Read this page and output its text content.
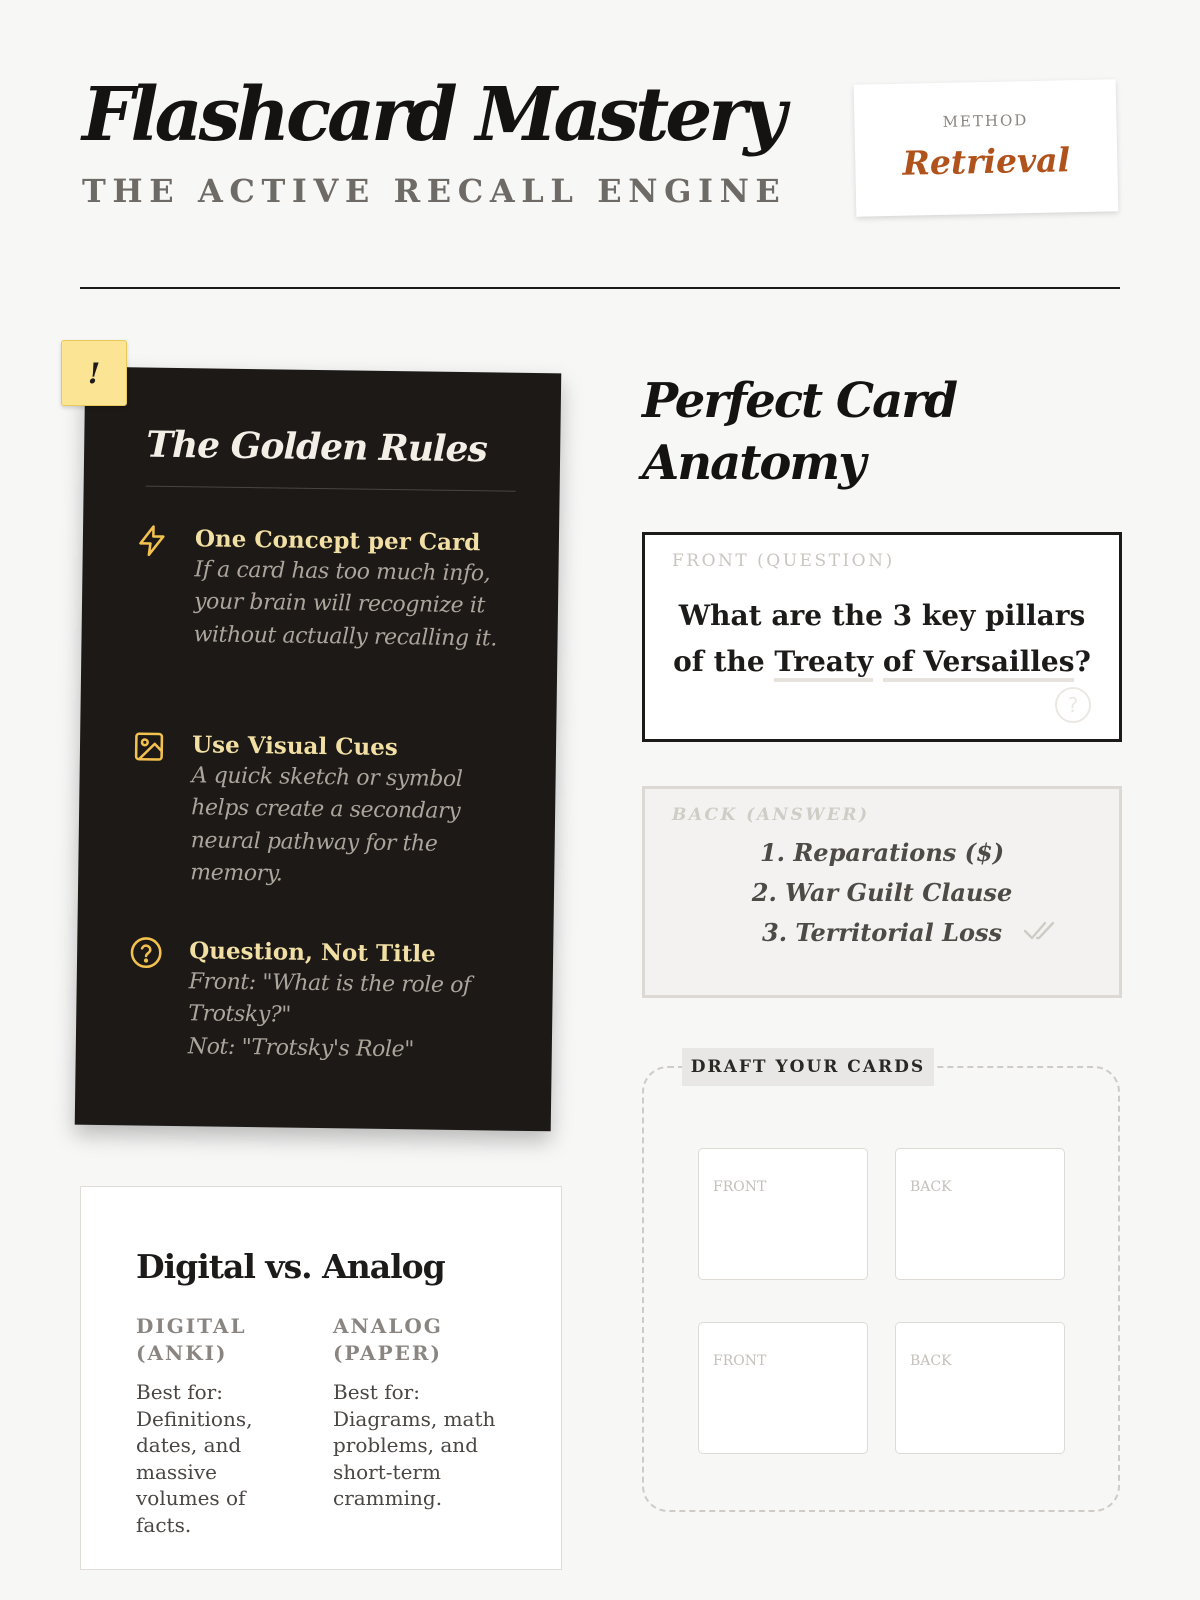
Flashcard Mastery
THE ACTIVE RECALL ENGINE
METHOD
Retrieval
The Golden Rules
One Concept per Card
If a card has too much info, your brain will recognize it without actually recalling it.
Use Visual Cues
A quick sketch or symbol helps create a secondary neural pathway for the memory.
Question, Not Title
Front: "What is the role of Trotsky?"
Not: "Trotsky's Role"
!
Digital vs. Analog
DIGITAL
(ANKI)
Best for: Definitions, dates, and massive volumes of facts.
ANALOG
(PAPER)
Best for: Diagrams, math problems, and short-term cramming.
Perfect Card
Anatomy
FRONT (QUESTION)
What are the 3 key pillars of the Treaty of Versailles?
?
BACK (ANSWER)
1. Reparations ($)
2. War Guilt Clause
3. Territorial Loss
DRAFT YOUR CARDS
FRONT	BACK
FRONT	BACK
